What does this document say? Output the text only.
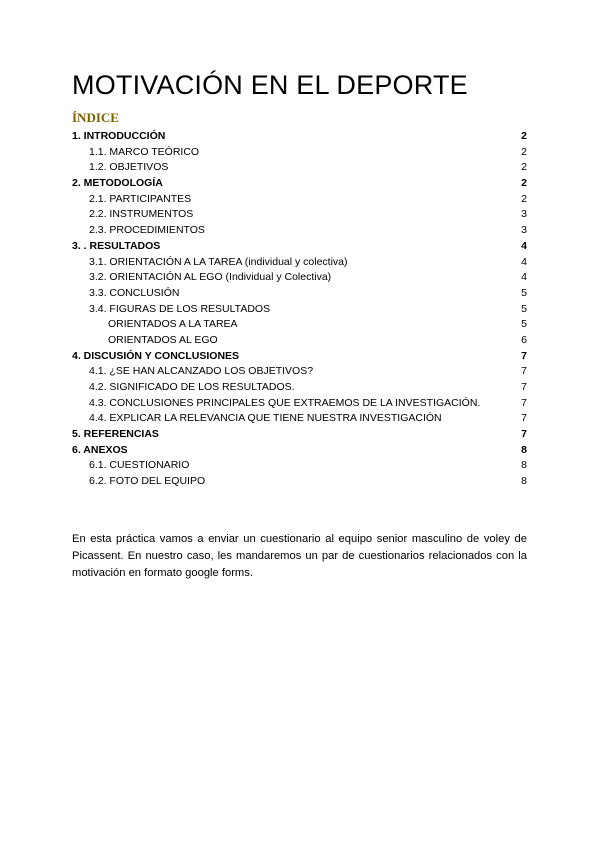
MOTIVACIÓN EN EL DEPORTE
ÍNDICE
1. INTRODUCCIÓN	2
1.1. MARCO TEÓRICO	2
1.2. OBJETIVOS	2
2. METODOLOGÍA	2
2.1. PARTICIPANTES	2
2.2. INSTRUMENTOS	3
2.3. PROCEDIMIENTOS	3
3. . RESULTADOS	4
3.1. ORIENTACIÓN A LA TAREA (individual y colectiva)	4
3.2. ORIENTACIÓN AL EGO (Individual y Colectiva)	4
3.3. CONCLUSIÓN	5
3.4. FIGURAS DE LOS RESULTADOS	5
ORIENTADOS A LA TAREA	5
ORIENTADOS AL EGO	6
4. DISCUSIÓN Y CONCLUSIONES	7
4.1. ¿SE HAN ALCANZADO LOS OBJETIVOS?	7
4.2. SIGNIFICADO DE LOS RESULTADOS.	7
4.3. CONCLUSIONES PRINCIPALES QUE EXTRAEMOS DE LA INVESTIGACIÓN.	7
4.4. EXPLICAR LA RELEVANCIA QUE TIENE NUESTRA INVESTIGACIÓN	7
5. REFERENCIAS	7
6. ANEXOS	8
6.1. CUESTIONARIO	8
6.2. FOTO DEL EQUIPO	8

En esta práctica vamos a enviar un cuestionario al equipo senior masculino de voley de Picassent. En nuestro caso, les mandaremos un par de cuestionarios relacionados con la motivación en formato google forms.
